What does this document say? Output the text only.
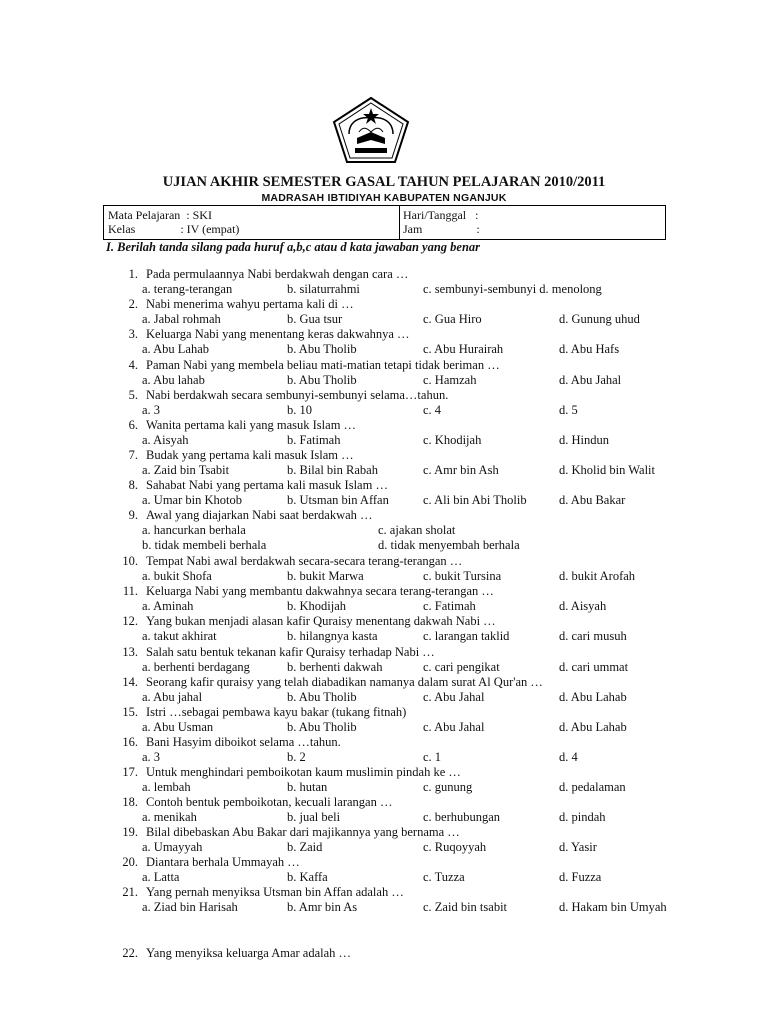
UJIAN AKHIR SEMESTER GASAL TAHUN PELAJARAN 2010/2011
MADRASAH IBTIDIYAH KABUPATEN NGANJUK
Mata Pelajaran  : SKI
Kelas               : IV (empat)
Hari/Tanggal   :
Jam                  :
I. Berilah tanda silang pada huruf a,b,c atau d kata jawaban yang benar
1. Pada permulaannya Nabi berdakwah dengan cara …
a. terang-terangan	b. silaturrahmi	c. sembunyi-sembunyi d. menolong
2. Nabi menerima wahyu pertama kali di …
a. Jabal rohmah	b. Gua tsur	c. Gua Hiro	d. Gunung uhud
3. Keluarga Nabi yang menentang keras dakwahnya …
a. Abu Lahab	b. Abu Tholib	c. Abu Hurairah	d. Abu Hafs
4. Paman Nabi yang membela beliau mati-matian tetapi tidak beriman …
a. Abu lahab	b. Abu Tholib	c. Hamzah	d. Abu Jahal
5. Nabi berdakwah secara sembunyi-sembunyi selama…tahun.
a. 3	b. 10	c. 4	d. 5
6. Wanita pertama kali yang masuk Islam …
a. Aisyah	b. Fatimah	c. Khodijah	d. Hindun
7. Budak yang pertama kali masuk Islam …
a. Zaid bin Tsabit	b. Bilal bin Rabah	c. Amr bin Ash	d. Kholid bin Walit
8. Sahabat Nabi yang pertama kali masuk Islam …
a. Umar bin Khotob	b. Utsman bin Affan	c. Ali bin Abi Tholib	d. Abu Bakar
9. Awal yang diajarkan Nabi saat berdakwah …
a. hancurkan berhala	c. ajakan sholat
b. tidak membeli berhala	d. tidak menyembah berhala
10. Tempat Nabi awal berdakwah secara-secara terang-terangan …
a. bukit Shofa	b. bukit Marwa	c. bukit Tursina	d. bukit Arofah
11. Keluarga Nabi yang membantu dakwahnya secara terang-terangan …
a. Aminah	b. Khodijah	c. Fatimah	d. Aisyah
12. Yang bukan menjadi alasan kafir Quraisy menentang dakwah Nabi …
a. takut akhirat	b. hilangnya kasta	c. larangan taklid	d. cari musuh
13. Salah satu bentuk tekanan kafir Quraisy terhadap Nabi …
a. berhenti berdagang	b. berhenti dakwah	c. cari pengikat	d. cari ummat
14. Seorang kafir quraisy yang telah diabadikan namanya dalam surat Al Qur'an …
a. Abu jahal	b. Abu Tholib	c. Abu Jahal	d. Abu Lahab
15. Istri …sebagai pembawa kayu bakar (tukang fitnah)
a. Abu Usman	b. Abu Tholib	c. Abu Jahal	d. Abu Lahab
16. Bani Hasyim diboikot selama …tahun.
a. 3	b. 2	c. 1	d. 4
17. Untuk menghindari pemboikotan kaum muslimin pindah ke …
a. lembah	b. hutan	c. gunung	d. pedalaman
18. Contoh bentuk pemboikotan, kecuali larangan …
a. menikah	b. jual beli	c. berhubungan	d. pindah
19. Bilal dibebaskan Abu Bakar dari majikannya yang bernama …
a. Umayyah	b. Zaid	c. Ruqoyyah	d. Yasir
20. Diantara berhala Ummayah …
a. Latta	b. Kaffa	c. Tuzza	d. Fuzza
21. Yang pernah menyiksa Utsman bin Affan adalah …
a. Ziad bin Harisah	b. Amr bin As	c. Zaid bin tsabit	d. Hakam bin Umyah
22. Yang menyiksa keluarga Amar adalah …
